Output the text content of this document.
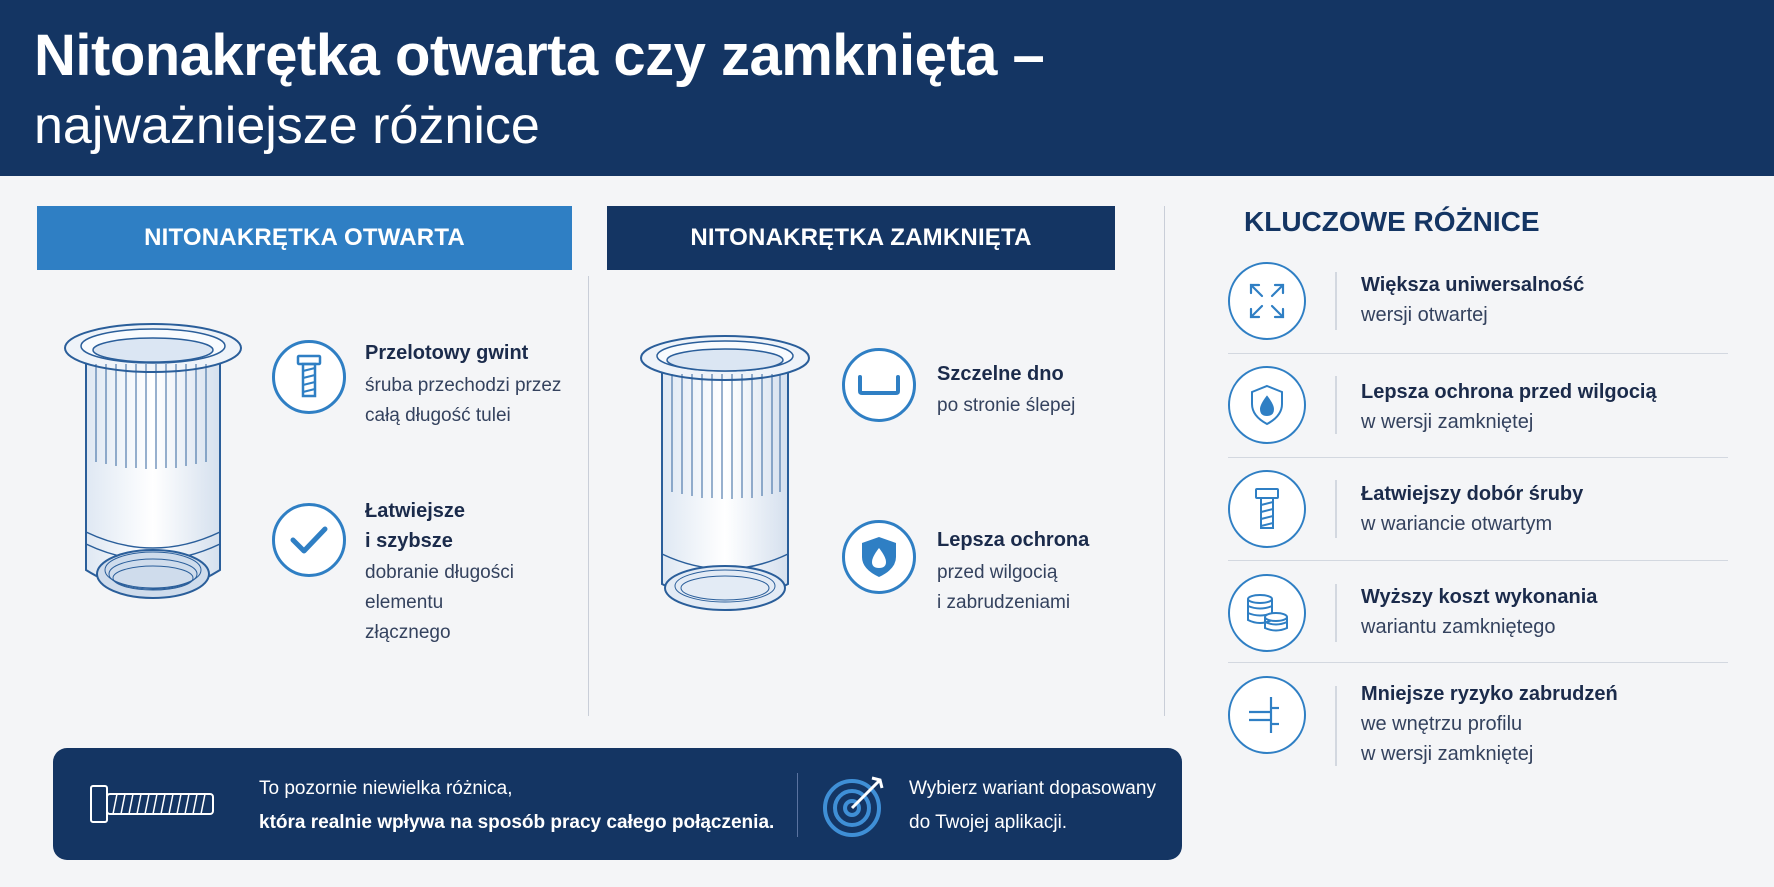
Nitonakrętka otwarta czy zamknięta –
najważniejsze różnice
NITONAKRĘTKA OTWARTA	NITONAKRĘTKA ZAMKNIĘTA
Przelotowy gwint
śruba przechodzi przez
całą długość tulei
Łatwiejsze
i szybsze
dobranie długości
elementu
złącznego
Szczelne dno
po stronie ślepej
Lepsza ochrona
przed wilgocią
i zabrudzeniami
KLUCZOWE RÓŻNICE
Większa uniwersalność
wersji otwartej
Lepsza ochrona przed wilgocią
w wersji zamkniętej
Łatwiejszy dobór śruby
w wariancie otwartym
Wyższy koszt wykonania
wariantu zamkniętego
Mniejsze ryzyko zabrudzeń
we wnętrzu profilu
w wersji zamkniętej
To pozornie niewielka różnica,
która realnie wpływa na sposób pracy całego połączenia.
Wybierz wariant dopasowany
do Twojej aplikacji.
